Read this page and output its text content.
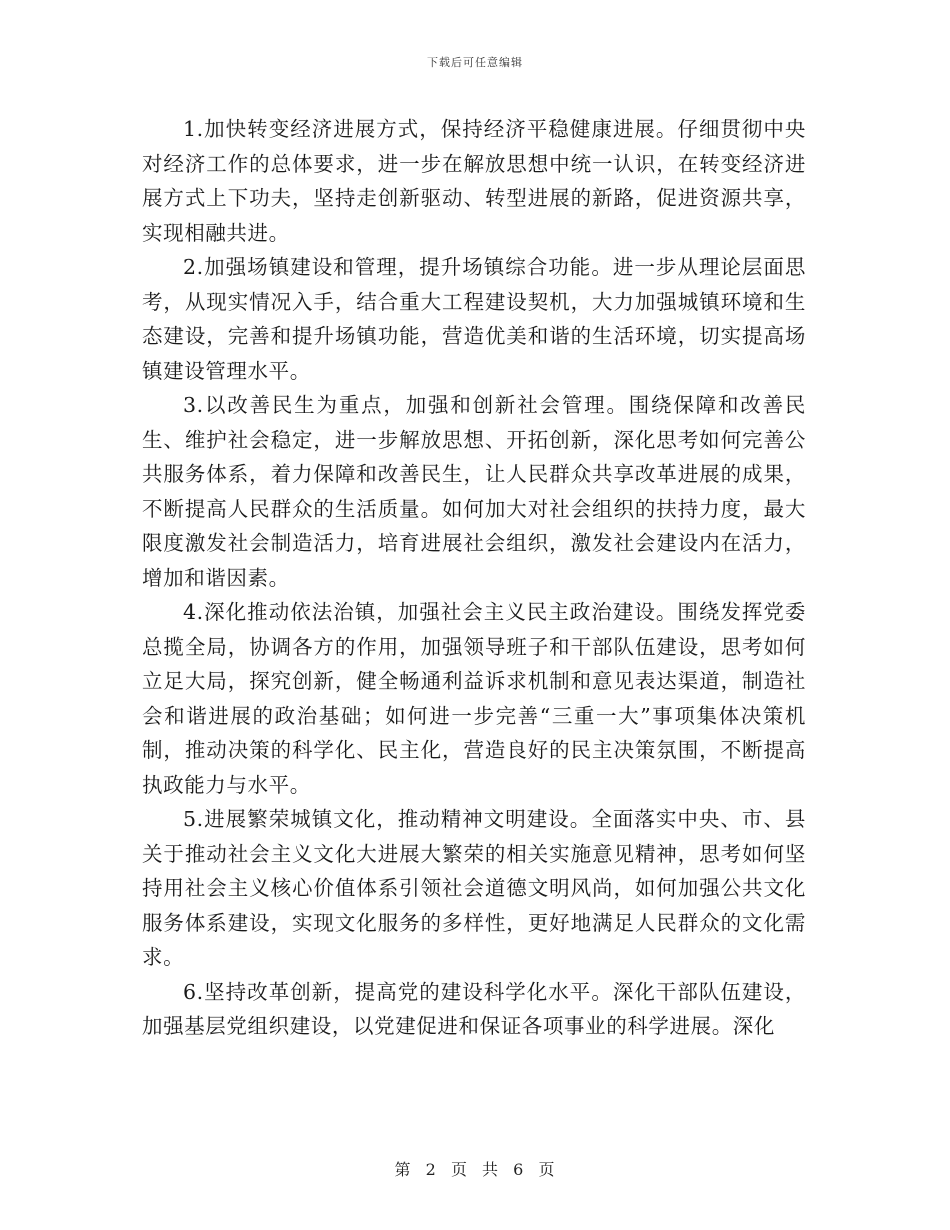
下载后可任意编辑

1.加快转变经济进展方式，保持经济平稳健康进展。仔细贯彻中央对经济工作的总体要求，进一步在解放思想中统一认识，在转变经济进展方式上下功夫，坚持走创新驱动、转型进展的新路，促进资源共享，实现相融共进。

2.加强场镇建设和管理，提升场镇综合功能。进一步从理论层面思考，从现实情况入手，结合重大工程建设契机，大力加强城镇环境和生态建设，完善和提升场镇功能，营造优美和谐的生活环境，切实提高场镇建设管理水平。

3.以改善民生为重点，加强和创新社会管理。围绕保障和改善民生、维护社会稳定，进一步解放思想、开拓创新，深化思考如何完善公共服务体系，着力保障和改善民生，让人民群众共享改革进展的成果，不断提高人民群众的生活质量。如何加大对社会组织的扶持力度，最大限度激发社会制造活力，培育进展社会组织，激发社会建设内在活力，增加和谐因素。

4.深化推动依法治镇，加强社会主义民主政治建设。围绕发挥党委总揽全局，协调各方的作用，加强领导班子和干部队伍建设，思考如何立足大局，探究创新，健全畅通利益诉求机制和意见表达渠道，制造社会和谐进展的政治基础；如何进一步完善“三重一大”事项集体决策机制，推动决策的科学化、民主化，营造良好的民主决策氛围，不断提高执政能力与水平。

5.进展繁荣城镇文化，推动精神文明建设。全面落实中央、市、县关于推动社会主义文化大进展大繁荣的相关实施意见精神，思考如何坚持用社会主义核心价值体系引领社会道德文明风尚，如何加强公共文化服务体系建设，实现文化服务的多样性，更好地满足人民群众的文化需求。

6.坚持改革创新，提高党的建设科学化水平。深化干部队伍建设，加强基层党组织建设，以党建促进和保证各项事业的科学进展。深化

第 2 页 共 6 页
